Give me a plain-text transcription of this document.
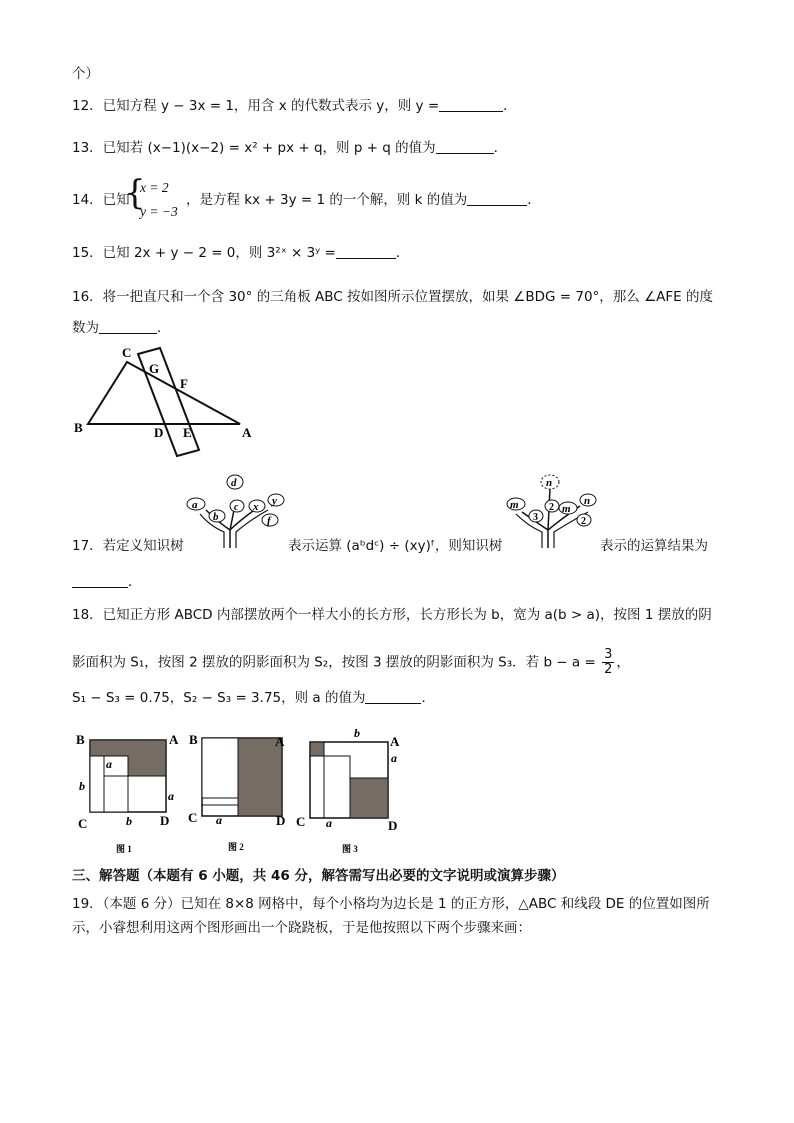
个）
12．已知方程 y − 3x = 1，用含 x 的代数式表示 y，则 y =	．
13．已知若 (x−1)(x−2) = x² + px + q，则 p + q 的值为	．
14．已知
{
x = 2
y = −3
，是方程 kx + 3y = 1 的一个解，则 k 的值为	．
15．已知 2x + y − 2 = 0，则 3²ˣ × 3ʸ =	．
16．将一把直尺和一个含 30° 的三角板 ABC 按如图所示位置摆放，如果 ∠BDG = 70°，那么 ∠AFE 的度
数为	．
C
G
F
B	D E	A
17．若定义知识树
a
b
c
d
x y
f
表示运算 (aᵇdᶜ) ÷ (xy)ᶠ，则知识树
n
m
3
2 m
n
2
表示的运算结果为
．
18．已知正方形 ABCD 内部摆放两个一样大小的长方形，长方形长为 b，宽为 a(b > a)，按图 1 摆放的阴
影面积为 S₁，按图 2 摆放的阴影面积为 S₂，按图 3 摆放的阴影面积为 S₃．若 $b - a = \frac{3}{2}$ ，
S₁ − S₃ = 0.75，S₂ − S₃ = 3.75，则 a 的值为	．
B	A
a
b
a
C	b D
图 1
B	A
C a	D
图 2
b
A
a
C a	D
图 3
三、解答题（本题有 6 小题，共 46 分，解答需写出必要的文字说明或演算步骤）
19．（本题 6 分）已知在 8×8 网格中，每个小格均为边长是 1 的正方形，△ABC 和线段 DE 的位置如图所
示，小睿想利用这两个图形画出一个跷跷板，于是他按照以下两个步骤来画：
